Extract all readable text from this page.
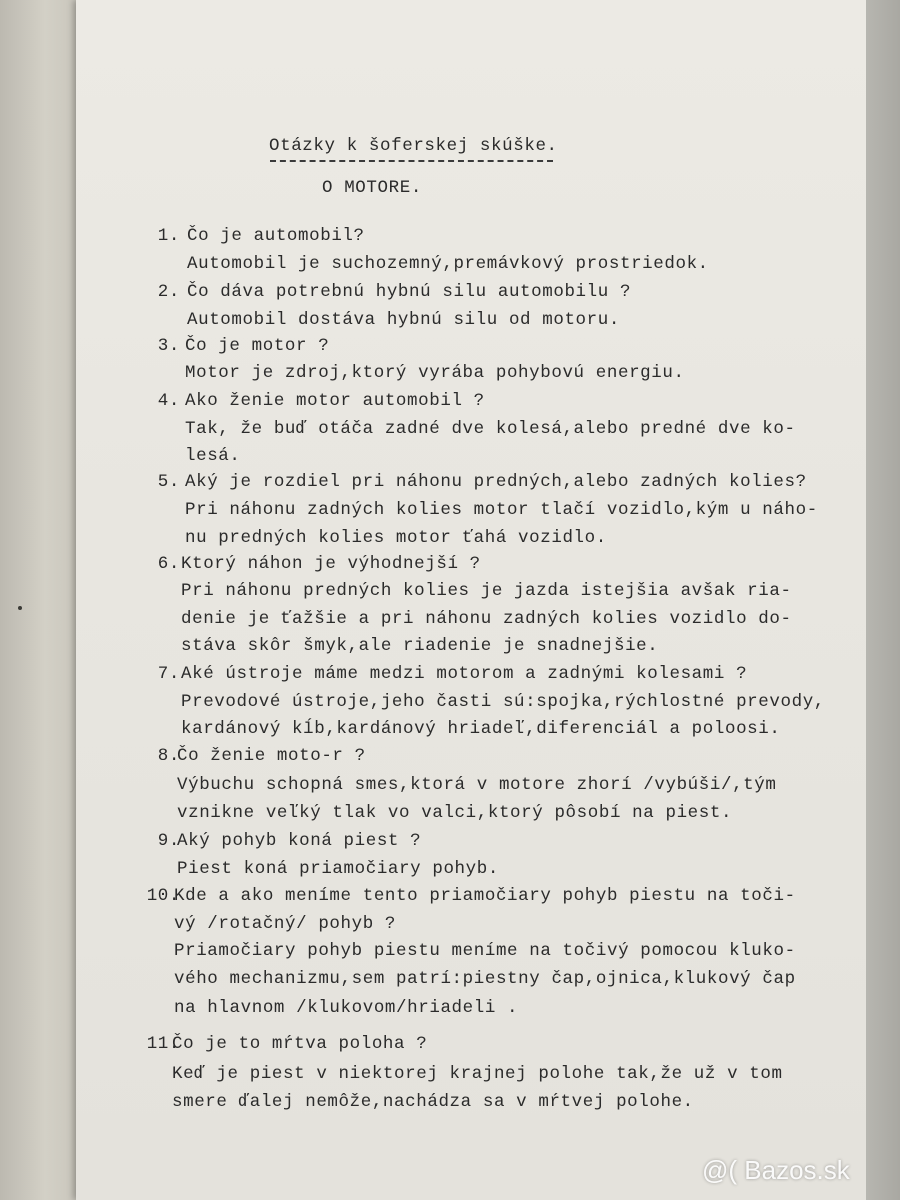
Otázky k šoferskej skúške.
O MOTORE.
1. Čo je automobil?
Automobil je suchozemný,premávkový prostriedok.
2. Čo dáva potrebnú hybnú silu automobilu ?
Automobil dostáva hybnú silu od motoru.
3. Čo je motor ?
Motor je zdroj,ktorý vyrába pohybovú energiu.
4. Ako ženie motor automobil ?
Tak, že buď otáča zadné dve kolesá,alebo predné dve ko-
lesá.
5. Aký je rozdiel pri náhonu predných,alebo zadných kolies?
Pri náhonu zadných kolies motor tlačí vozidlo,kým u náho-
nu predných kolies motor ťahá vozidlo.
6. Ktorý náhon je výhodnejší ?
Pri náhonu predných kolies je jazda istejšia avšak ria-
denie je ťažšie a pri náhonu zadných kolies vozidlo do-
stáva skôr šmyk,ale riadenie je snadnejšie.
7. Aké ústroje máme medzi motorom a zadnými kolesami ?
Prevodové ústroje,jeho časti sú:spojka,rýchlostné prevody,
kardánový kĺb,kardánový hriadeľ,diferenciál a poloosi.
8.
Čo ženie moto-r ?
Výbuchu schopná smes,ktorá v motore zhorí /vybúši/,tým
vznikne veľký tlak vo valci,ktorý pôsobí na piest.
9.
Aký pohyb koná piest ?
Piest koná priamočiary pohyb.
10.
Kde a ako meníme tento priamočiary pohyb piestu na toči-
vý /rotačný/ pohyb ?
Priamočiary pohyb piestu meníme na točivý pomocou kluko-
vého mechanizmu,sem patrí:piestny čap,ojnica,klukový čap
na hlavnom /klukovom/hriadeli .
11.
Čo je to mŕtva poloha ?
Keď je piest v niektorej krajnej polohe tak,že už v tom
smere ďalej nemôže,nachádza sa v mŕtvej polohe.
@( Bazos.sk
